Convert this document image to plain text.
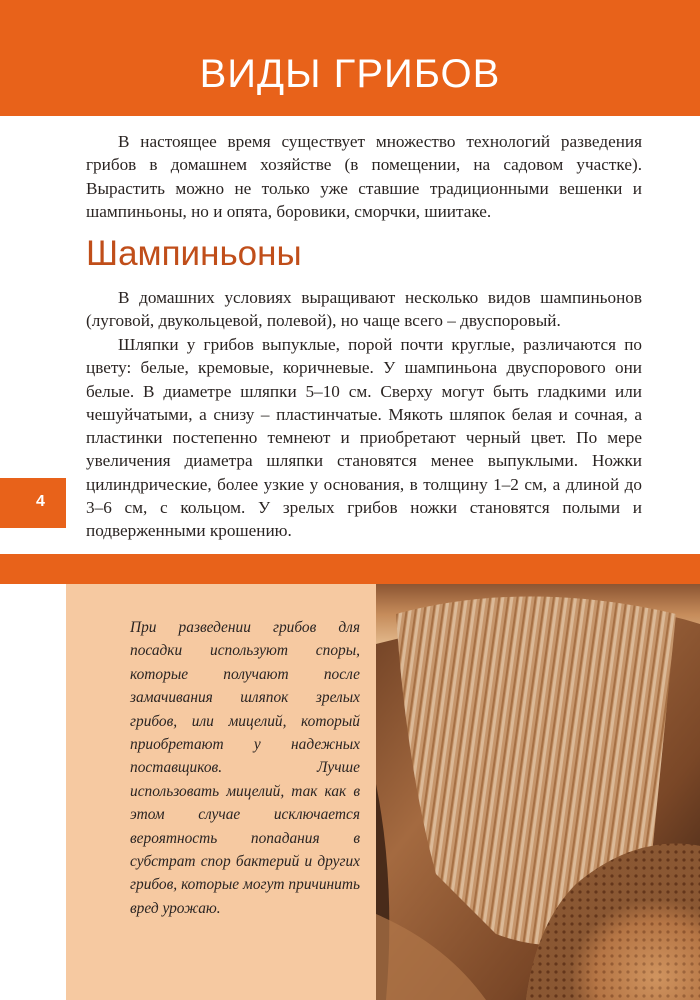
ВИДЫ ГРИБОВ
4

В настоящее время существует множество технологий разведения грибов в домашнем хозяйстве (в помещении, на садовом участке). Вырастить можно не только уже ставшие традиционными вешенки и шампиньоны, но и опята, боровики, сморчки, шиитаке.

Шампиньоны

В домашних условиях выращивают несколько видов шампиньонов (луговой, двукольцевой, полевой), но чаще всего – двуспоровый.

Шляпки у грибов выпуклые, порой почти круглые, различаются по цвету: белые, кремовые, коричневые. У шампиньона двуспорового они белые. В диаметре шляпки 5–10 см. Сверху могут быть гладкими или чешуйчатыми, а снизу – пластинчатые. Мякоть шляпок белая и сочная, а пластинки постепенно темнеют и приобретают черный цвет. По мере увеличения диаметра шляпки становятся менее выпуклыми. Ножки цилиндрические, более узкие у основания, в толщину 1–2 см, а длиной до 3–6 см, с кольцом. У зрелых грибов ножки становятся полыми и подверженными крошению.

При разведении грибов для посадки используют споры, которые получают после замачивания шляпок зрелых грибов, или мицелий, который приобретают у надежных поставщиков. Лучше использовать мицелий, так как в этом случае исключается вероятность попадания в субстрат спор бактерий и других грибов, которые могут причинить вред урожаю.
